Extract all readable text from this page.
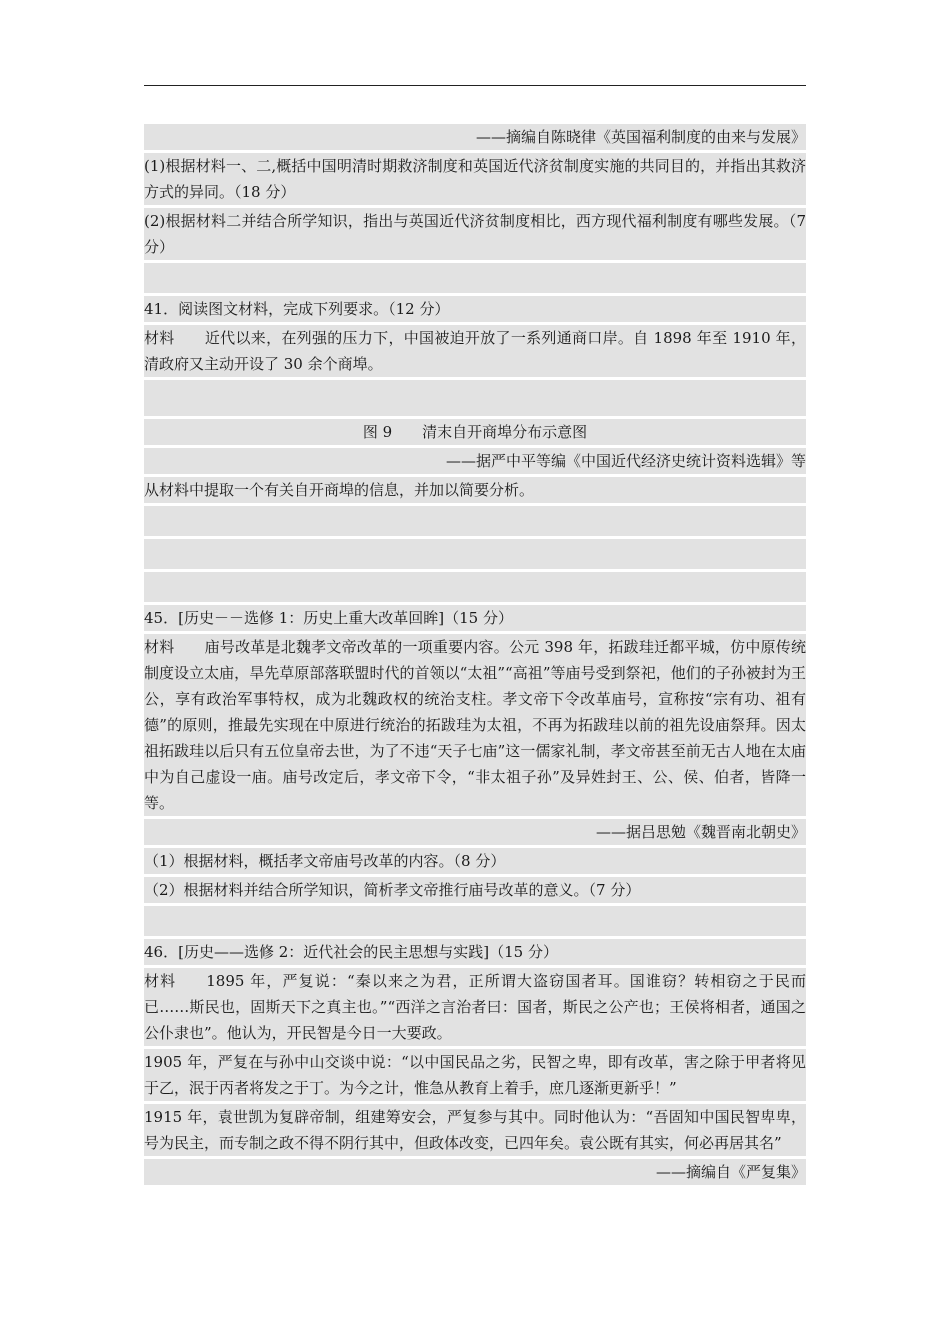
——摘编自陈晓律《英国福利制度的由来与发展》

(1)根据材料一、二,概括中国明清时期救济制度和英国近代济贫制度实施的共同目的，并指出其救济方式的异同。（18 分）

(2)根据材料二并结合所学知识，指出与英国近代济贫制度相比，西方现代福利制度有哪些发展。（7 分）

41．阅读图文材料，完成下列要求。（12 分）

材料 近代以来，在列强的压力下，中国被迫开放了一系列通商口岸。自 1898 年至 1910 年，清政府又主动开设了 30 余个商埠。

图 9　　清末自开商埠分布示意图

——据严中平等编《中国近代经济史统计资料选辑》等

从材料中提取一个有关自开商埠的信息，并加以简要分析。

45．[历史－－选修 1：历史上重大改革回眸]（15 分）

材料 庙号改革是北魏孝文帝改革的一项重要内容。公元 398 年，拓跋珪迁都平城，仿中原传统制度设立太庙，旱先草原部落联盟时代的首领以“太祖”“高祖”等庙号受到祭祀，他们的子孙被封为王公，享有政治军事特权，成为北魏政权的统治支柱。孝文帝下令改革庙号，宣称按“宗有功、祖有德”的原则，推最先实现在中原进行统治的拓跋珪为太祖，不再为拓跋珪以前的祖先设庙祭拜。因太祖拓跋珪以后只有五位皇帝去世，为了不违“天子七庙”这一儒家礼制，孝文帝甚至前无古人地在太庙中为自己虚设一庙。庙号改定后，孝文帝下令，“非太祖子孙”及异姓封王、公、侯、伯者，皆降一等。

——据吕思勉《魏晋南北朝史》

（1）根据材料，概括孝文帝庙号改革的内容。（8 分）

（2）根据材料并结合所学知识，简析孝文帝推行庙号改革的意义。（7 分）

46．[历史——选修 2：近代社会的民主思想与实践]（15 分）

材料 1895 年，严复说：“秦以来之为君，正所谓大盗窃国者耳。国谁窃？转相窃之于民而已……斯民也，固斯天下之真主也。”“西洋之言治者曰：国者，斯民之公产也；王侯将相者，通国之公仆隶也”。他认为，开民智是今日一大要政。

1905 年，严复在与孙中山交谈中说：“以中国民品之劣，民智之卑，即有改革，害之除于甲者将见于乙，泯于丙者将发之于丁。为今之计，惟急从教育上着手，庶几逐渐更新乎！”

1915 年，袁世凯为复辟帝制，组建筹安会，严复参与其中。同时他认为：“吾固知中国民智卑卑，号为民主，而专制之政不得不阴行其中，但政体改变，已四年矣。袁公既有其实，何必再居其名”

——摘编自《严复集》
